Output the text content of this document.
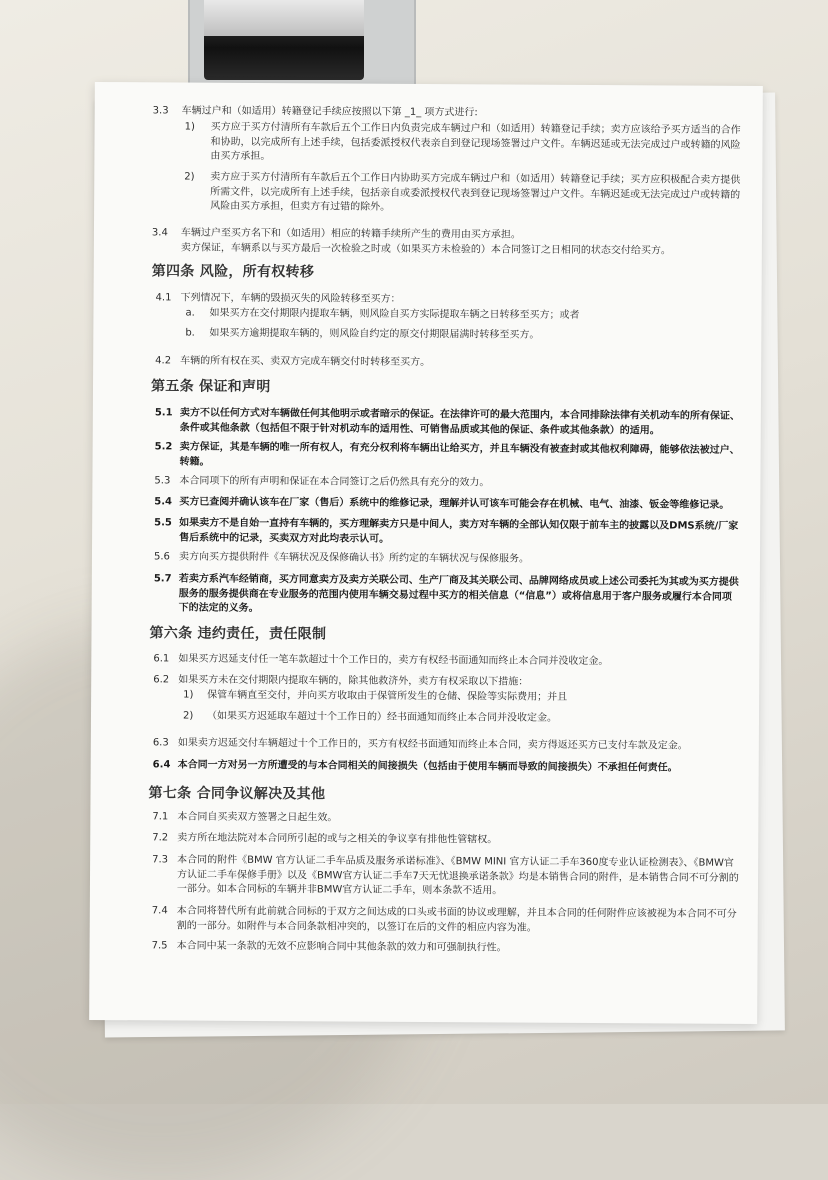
3.3	车辆过户和（如适用）转籍登记手续应按照以下第 _1_ 项方式进行:
1) 买方应于买方付清所有车款后五个工作日内负责完成车辆过户和（如适用）转籍登记手续；卖方应该给予买方适当的合作和协助，以完成所有上述手续，包括委派授权代表亲自到登记现场签署过户文件。车辆迟延或无法完成过户或转籍的风险由买方承担。
2) 卖方应于买方付清所有车款后五个工作日内协助买方完成车辆过户和（如适用）转籍登记手续；买方应积极配合卖方提供所需文件，以完成所有上述手续，包括亲自或委派授权代表到登记现场签署过户文件。车辆迟延或无法完成过户或转籍的风险由买方承担，但卖方有过错的除外。
3.4	车辆过户至买方名下和（如适用）相应的转籍手续所产生的费用由买方承担。
卖方保证，车辆系以与买方最后一次检验之时或（如果买方未检验的）本合同签订之日相同的状态交付给买方。
第四条 风险，所有权转移
4.1 下列情况下，车辆的毁损灭失的风险转移至买方：
a. 如果买方在交付期限内提取车辆，则风险自买方实际提取车辆之日转移至买方；或者
b. 如果买方逾期提取车辆的，则风险自约定的原交付期限届满时转移至买方。
4.2 车辆的所有权在买、卖双方完成车辆交付时转移至买方。
第五条 保证和声明
5.1 卖方不以任何方式对车辆做任何其他明示或者暗示的保证。在法律许可的最大范围内，本合同排除法律有关机动车的所有保证、条件或其他条款（包括但不限于针对机动车的适用性、可销售品质或其他的保证、条件或其他条款）的适用。
5.2 卖方保证，其是车辆的唯一所有权人，有充分权利将车辆出让给买方，并且车辆没有被查封或其他权利障碍，能够依法被过户、转籍。
5.3 本合同项下的所有声明和保证在本合同签订之后仍然具有充分的效力。
5.4 买方已查阅并确认该车在厂家（售后）系统中的维修记录，理解并认可该车可能会存在机械、电气、油漆、钣金等维修记录。
5.5 如果卖方不是自始一直持有车辆的，买方理解卖方只是中间人，卖方对车辆的全部认知仅限于前车主的披露以及DMS系统/厂家售后系统中的记录，买卖双方对此均表示认可。
5.6 卖方向买方提供附件《车辆状况及保修确认书》所约定的车辆状况与保修服务。
5.7 若卖方系汽车经销商，买方同意卖方及卖方关联公司、生产厂商及其关联公司、品牌网络成员或上述公司委托为其或为买方提供服务的服务提供商在专业服务的范围内使用车辆交易过程中买方的相关信息（“信息”）或将信息用于客户服务或履行本合同项下的法定的义务。
第六条 违约责任，责任限制
6.1 如果买方迟延支付任一笔车款超过十个工作日的，卖方有权经书面通知而终止本合同并没收定金。
6.2 如果买方未在交付期限内提取车辆的，除其他救济外，卖方有权采取以下措施：
1) 保管车辆直至交付，并向买方收取由于保管所发生的仓储、保险等实际费用；并且
2) （如果买方迟延取车超过十个工作日的）经书面通知而终止本合同并没收定金。
6.3 如果卖方迟延交付车辆超过十个工作日的，买方有权经书面通知而终止本合同，卖方得返还买方已支付车款及定金。
6.4 本合同一方对另一方所遭受的与本合同相关的间接损失（包括由于使用车辆而导致的间接损失）不承担任何责任。
第七条 合同争议解决及其他
7.1 本合同自买卖双方签署之日起生效。
7.2 卖方所在地法院对本合同所引起的或与之相关的争议享有排他性管辖权。
7.3 本合同的附件《BMW 官方认证二手车品质及服务承诺标准》、《BMW MINI 官方认证二手车360度专业认证检测表》、《BMW官方认证二手车保修手册》以及《BMW官方认证二手车7天无忧退换承诺条款》均是本销售合同的附件，是本销售合同不可分割的一部分。如本合同标的车辆并非BMW官方认证二手车，则本条款不适用。
7.4 本合同将替代所有此前就合同标的于双方之间达成的口头或书面的协议或理解，并且本合同的任何附件应该被视为本合同不可分割的一部分。如附件与本合同条款相冲突的，以签订在后的文件的相应内容为准。
7.5 本合同中某一条款的无效不应影响合同中其他条款的效力和可强制执行性。
